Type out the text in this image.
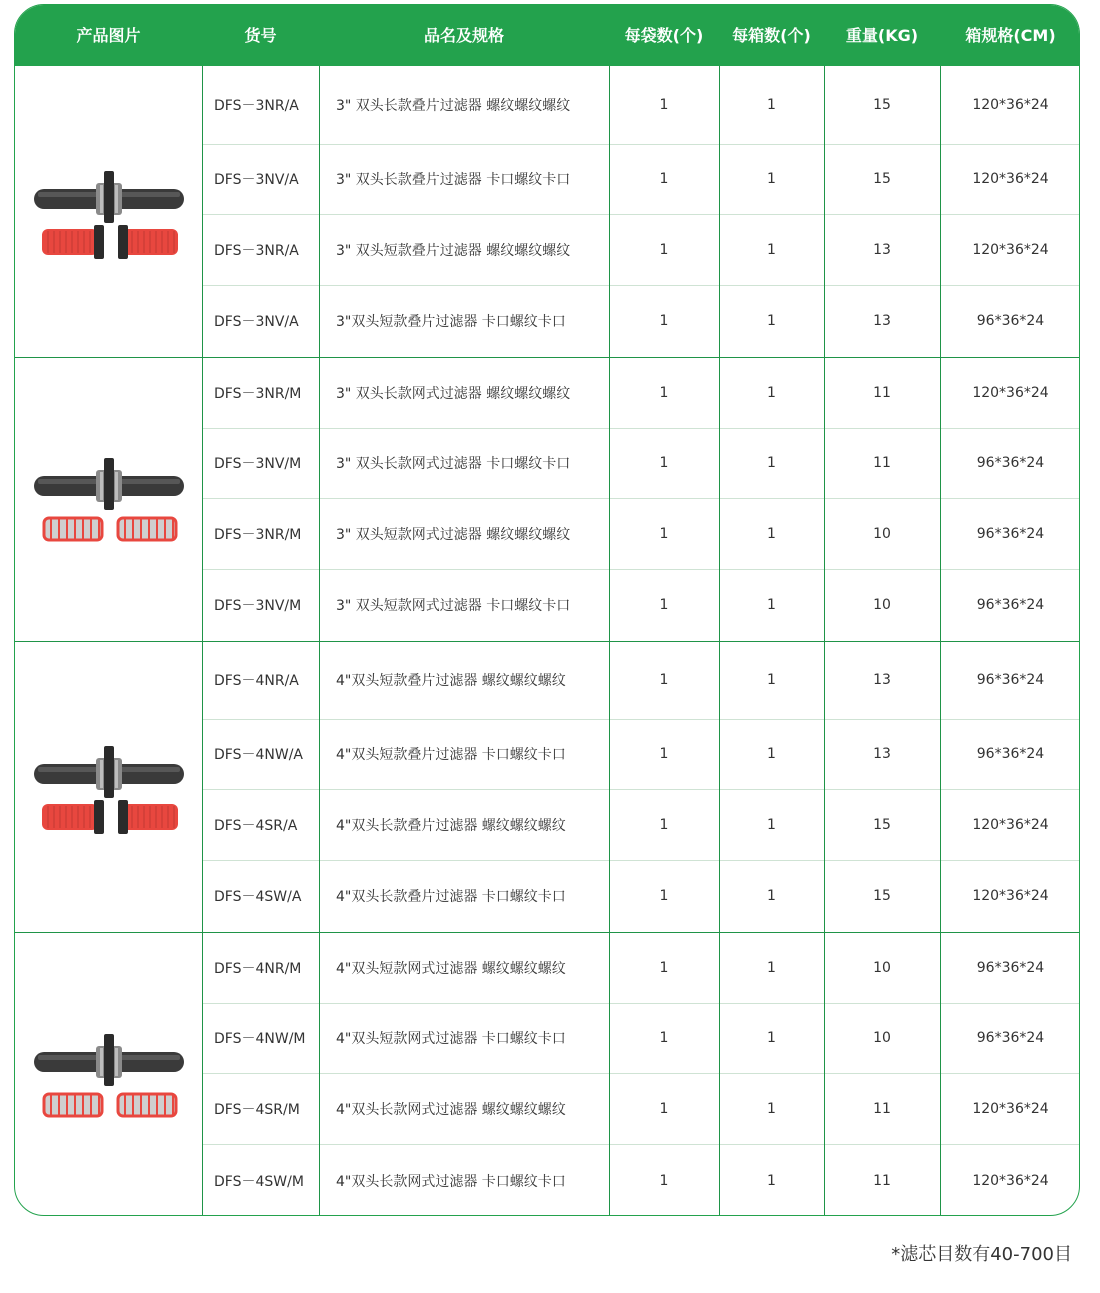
产品图片	货号	品名及规格	每袋数(个)	每箱数(个)	重量(KG)	箱规格(CM)
DFS－3NR/A	3" 双头长款叠片过滤器 螺纹螺纹螺纹	1	1	15	120*36*24
DFS－3NV/A	3" 双头长款叠片过滤器 卡口螺纹卡口	1	1	15	120*36*24
DFS－3NR/A	3" 双头短款叠片过滤器 螺纹螺纹螺纹	1	1	13	120*36*24
DFS－3NV/A	3"双头短款叠片过滤器 卡口螺纹卡口	1	1	13	96*36*24
DFS－3NR/M	3" 双头长款网式过滤器 螺纹螺纹螺纹	1	1	11	120*36*24
DFS－3NV/M	3" 双头长款网式过滤器 卡口螺纹卡口	1	1	11	96*36*24
DFS－3NR/M	3" 双头短款网式过滤器 螺纹螺纹螺纹	1	1	10	96*36*24
DFS－3NV/M	3" 双头短款网式过滤器 卡口螺纹卡口	1	1	10	96*36*24
DFS－4NR/A	4"双头短款叠片过滤器 螺纹螺纹螺纹	1	1	13	96*36*24
DFS－4NW/A	4"双头短款叠片过滤器 卡口螺纹卡口	1	1	13	96*36*24
DFS－4SR/A	4"双头长款叠片过滤器 螺纹螺纹螺纹	1	1	15	120*36*24
DFS－4SW/A	4"双头长款叠片过滤器 卡口螺纹卡口	1	1	15	120*36*24
DFS－4NR/M	4"双头短款网式过滤器 螺纹螺纹螺纹	1	1	10	96*36*24
DFS－4NW/M	4"双头短款网式过滤器 卡口螺纹卡口	1	1	10	96*36*24
DFS－4SR/M	4"双头长款网式过滤器 螺纹螺纹螺纹	1	1	11	120*36*24
DFS－4SW/M	4"双头长款网式过滤器 卡口螺纹卡口	1	1	11	120*36*24
*滤芯目数有40-700目
